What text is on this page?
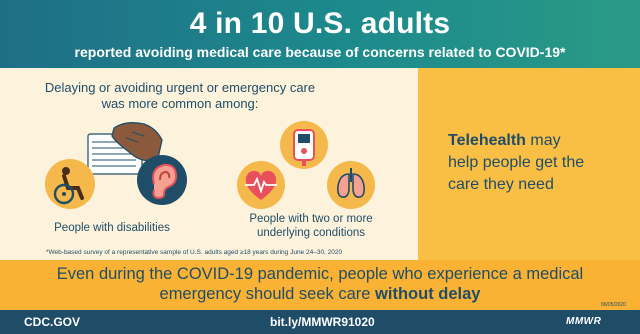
4 in 10 U.S. adults
reported avoiding medical care because of concerns related to COVID-19*
Delaying or avoiding urgent or emergency care
was more common among:
People with disabilities
People with two or more
underlying conditions
*Web-based survey of a representative sample of U.S. adults aged ≥18 years during June 24–30, 2020
Telehealth may
help people get the
care they need
Even during the COVID-19 pandemic, people who experience a medical
emergency should seek care without delay
06/05/2020
CDC.GOV	bit.ly/MMWR91020	MMWR
